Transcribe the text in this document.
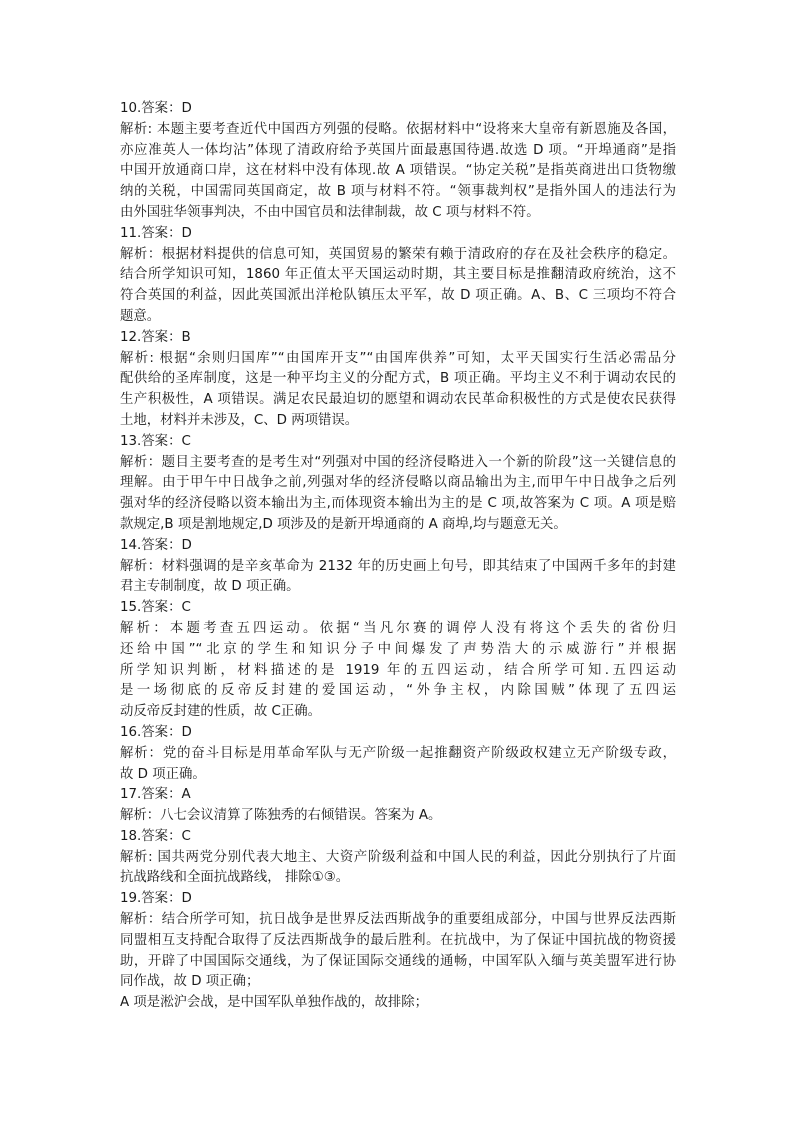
10.答案：D
解析: 本题主要考查近代中国西方列强的侵略。依据材料中“设将来大皇帝有新恩施及各国，
亦应准英人一体均沾”体现了清政府给予英国片面最惠国待遇.故选 D 项。“开埠通商”是指
中国开放通商口岸，这在材料中没有体现.故 A 项错误。“协定关税”是指英商进出口货物缴
纳的关税，中国需同英国商定，故 B 项与材料不符。“领事裁判权”是指外国人的违法行为
由外国驻华领事判决，不由中国官员和法律制裁，故 C 项与材料不符。
11.答案：D
解析：根据材料提供的信息可知，英国贸易的繁荣有赖于清政府的存在及社会秩序的稳定。
结合所学知识可知，1860 年正值太平天国运动时期，其主要目标是推翻清政府统治，这不
符合英国的利益，因此英国派出洋枪队镇压太平军，故 D 项正确。A、B、C 三项均不符合
题意。
12.答案：B
解析: 根据“余则归国库”“由国库开支”“由国库供养”可知，太平天国实行生活必需品分
配供给的圣库制度，这是一种平均主义的分配方式，B 项正确。平均主义不利于调动农民的
生产积极性，A 项错误。满足农民最迫切的愿望和调动农民革命积极性的方式是使农民获得
土地，材料并未涉及，C、D 两项错误。
13.答案：C
解析：题目主要考查的是考生对“列强对中国的经济侵略进入一个新的阶段”这一关键信息的
理解。由于甲午中日战争之前,列强对华的经济侵略以商品输出为主,而甲午中日战争之后列
强对华的经济侵略以资本输出为主,而体现资本输出为主的是 C 项,故答案为 C 项。A 项是赔
款规定,B 项是割地规定,D 项涉及的是新开埠通商的 A 商埠,均与题意无关。
14.答案：D
解析：材料强调的是辛亥革命为 2132 年的历史画上句号，即其结束了中国两千多年的封建
君主专制制度，故 D 项正确。
15.答案：C
解析：本题考查五四运动。依据“当凡尔赛的调停人没有将这个丢失的省份归
还给中国”“北京的学生和知识分子中间爆发了声势浩大的示威游行”并根据
所学知识判断，材料描述的是 1919 年的五四运动，结合所学可知.五四运动
是一场彻底的反帝反封建的爱国运动，“外争主权，内除国贼”体现了五四运
动反帝反封建的性质，故 C正确。
16.答案：D
解析：党的奋斗目标是用革命军队与无产阶级一起推翻资产阶级政权建立无产阶级专政，
故 D 项正确。
17.答案：A
解析：八七会议清算了陈独秀的右倾错误。答案为 A。
18.答案：C
解析: 国共两党分别代表大地主、大资产阶级利益和中国人民的利益，因此分别执行了片面
抗战路线和全面抗战路线， 排除①③。
19.答案：D
解析：结合所学可知，抗日战争是世界反法西斯战争的重要组成部分，中国与世界反法西斯
同盟相互支持配合取得了反法西斯战争的最后胜利。在抗战中，为了保证中国抗战的物资援
助，开辟了中国国际交通线，为了保证国际交通线的通畅，中国军队入缅与英美盟军进行协
同作战，故 D 项正确；
A 项是淞沪会战，是中国军队单独作战的，故排除；
